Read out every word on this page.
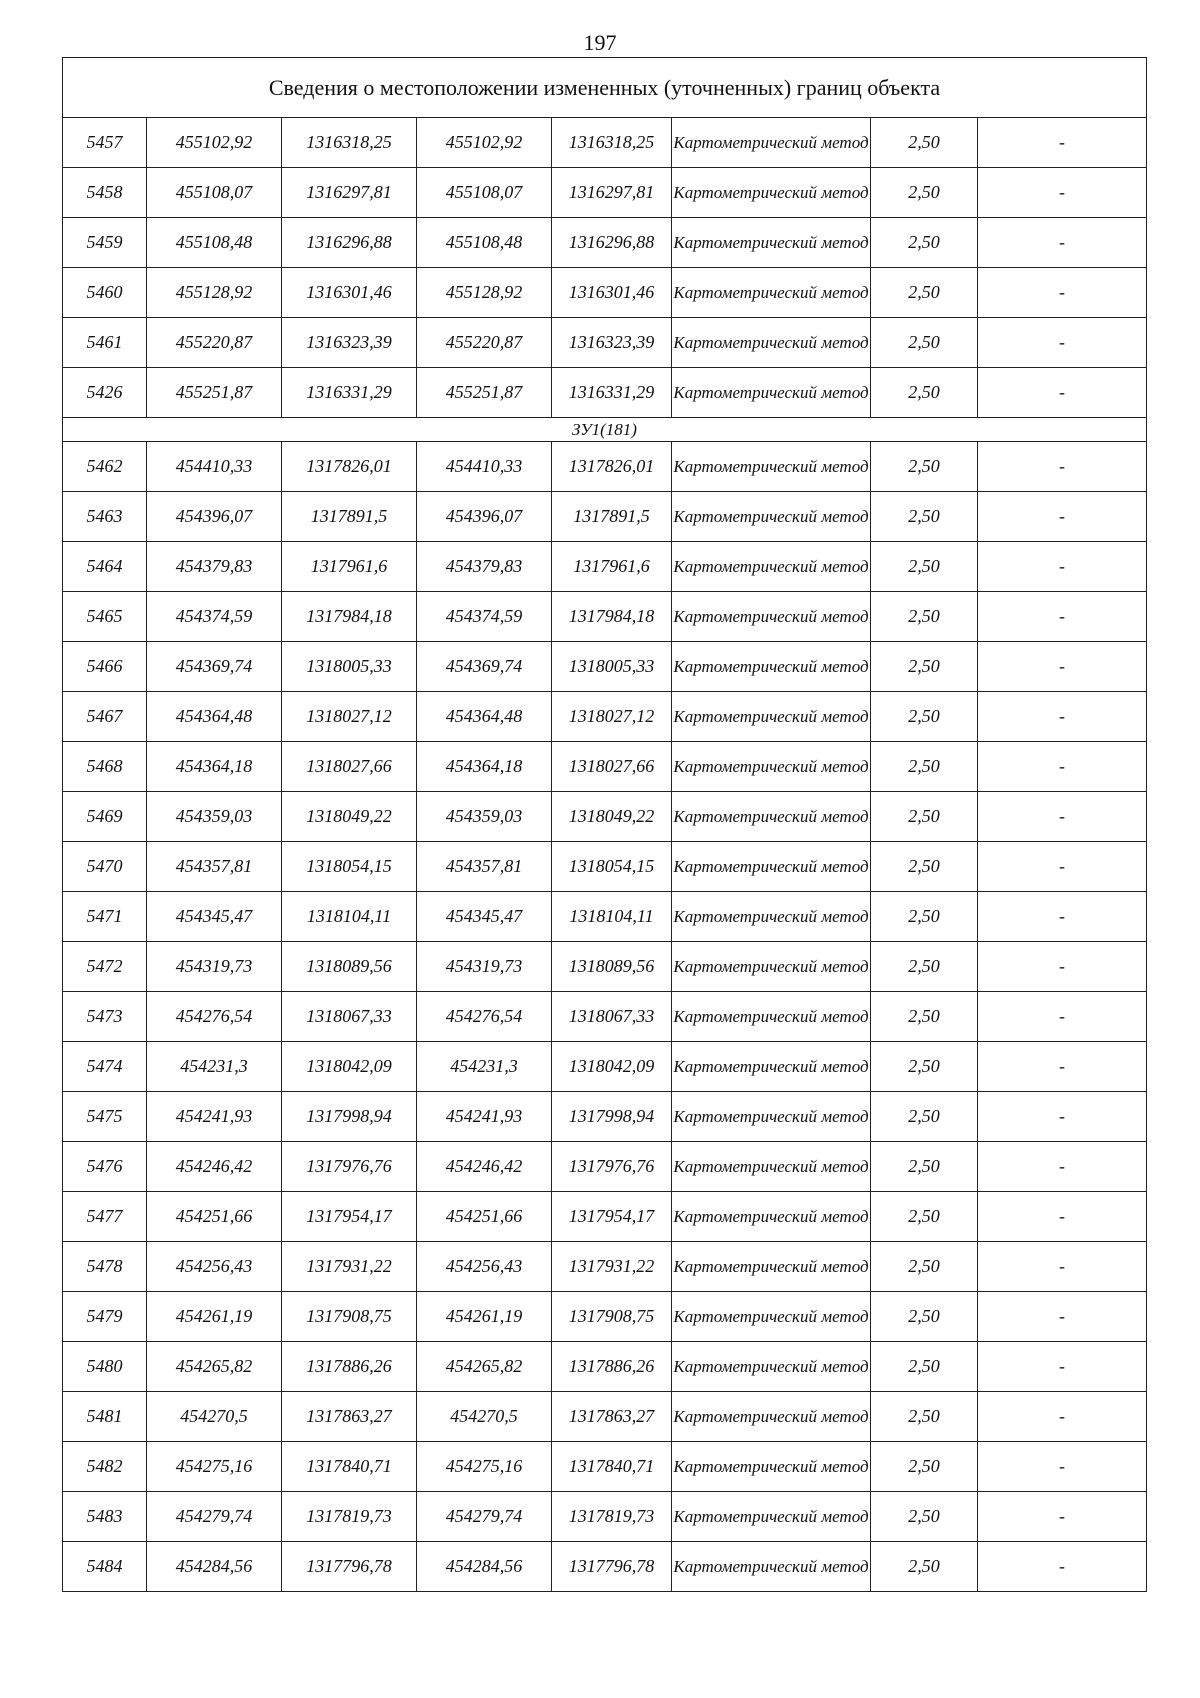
197
Сведения о местоположении измененных (уточненных) границ объекта							
5457	455102,92	1316318,25	455102,92	1316318,25	Картометрический метод	2,50	-
5458	455108,07	1316297,81	455108,07	1316297,81	Картометрический метод	2,50	-
5459	455108,48	1316296,88	455108,48	1316296,88	Картометрический метод	2,50	-
5460	455128,92	1316301,46	455128,92	1316301,46	Картометрический метод	2,50	-
5461	455220,87	1316323,39	455220,87	1316323,39	Картометрический метод	2,50	-
5426	455251,87	1316331,29	455251,87	1316331,29	Картометрический метод	2,50	-
ЗУ1(181)							
5462	454410,33	1317826,01	454410,33	1317826,01	Картометрический метод	2,50	-
5463	454396,07	1317891,5	454396,07	1317891,5	Картометрический метод	2,50	-
5464	454379,83	1317961,6	454379,83	1317961,6	Картометрический метод	2,50	-
5465	454374,59	1317984,18	454374,59	1317984,18	Картометрический метод	2,50	-
5466	454369,74	1318005,33	454369,74	1318005,33	Картометрический метод	2,50	-
5467	454364,48	1318027,12	454364,48	1318027,12	Картометрический метод	2,50	-
5468	454364,18	1318027,66	454364,18	1318027,66	Картометрический метод	2,50	-
5469	454359,03	1318049,22	454359,03	1318049,22	Картометрический метод	2,50	-
5470	454357,81	1318054,15	454357,81	1318054,15	Картометрический метод	2,50	-
5471	454345,47	1318104,11	454345,47	1318104,11	Картометрический метод	2,50	-
5472	454319,73	1318089,56	454319,73	1318089,56	Картометрический метод	2,50	-
5473	454276,54	1318067,33	454276,54	1318067,33	Картометрический метод	2,50	-
5474	454231,3	1318042,09	454231,3	1318042,09	Картометрический метод	2,50	-
5475	454241,93	1317998,94	454241,93	1317998,94	Картометрический метод	2,50	-
5476	454246,42	1317976,76	454246,42	1317976,76	Картометрический метод	2,50	-
5477	454251,66	1317954,17	454251,66	1317954,17	Картометрический метод	2,50	-
5478	454256,43	1317931,22	454256,43	1317931,22	Картометрический метод	2,50	-
5479	454261,19	1317908,75	454261,19	1317908,75	Картометрический метод	2,50	-
5480	454265,82	1317886,26	454265,82	1317886,26	Картометрический метод	2,50	-
5481	454270,5	1317863,27	454270,5	1317863,27	Картометрический метод	2,50	-
5482	454275,16	1317840,71	454275,16	1317840,71	Картометрический метод	2,50	-
5483	454279,74	1317819,73	454279,74	1317819,73	Картометрический метод	2,50	-
5484	454284,56	1317796,78	454284,56	1317796,78	Картометрический метод	2,50	-
